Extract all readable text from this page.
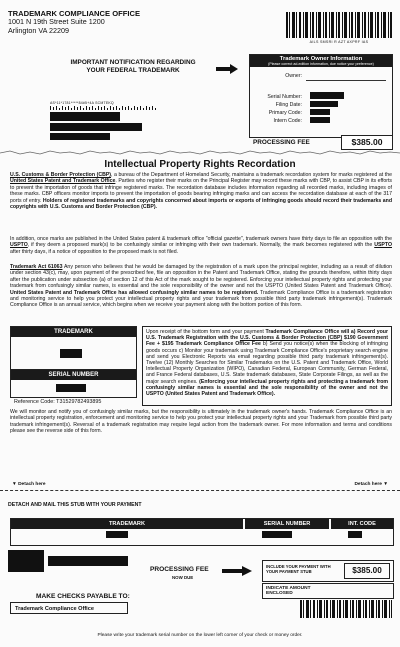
TRADEMARK COMPLIANCE OFFICE
1001 N 19th Street Suite 1200
Arlington VA 22209
AILS SMSRI R AZT AXPRF IAS
IMPORTANT NOTIFICATION REGARDING
YOUR FEDERAL TRADEMARK
Trademark Owner Information
(Please correct ad-edition information, due notice your preference)
Owner:
Serial Number:
Filing Date:
Primary Code:
Intern Code:
AS*11*1781*****84#5+4A SCMTEKQ
PROCESSING FEE	$385.00
Intellectual Property Rights Recordation
U.S. Customs & Border Protection (CBP), a bureau of the Department of Homeland Security, maintains a trademark recordation system for marks registered at the United States Patent and Trademark Office. Parties who register their marks on the Principal Register may record these marks with CBP, to assist CBP in its efforts to prevent the importation of goods that infringe registered marks. The recordation database includes information regarding all recorded marks, including images of these marks. CBP officers monitor imports to prevent the importation of goods bearing infringing marks and can access the recordation database at each of the 317 ports of entry. Holders of registered trademarks and copyrights concerned about imports or exports of infringing goods should record their trademarks and copyrights with U.S. Customs and Border Protection (CBP).
In addition, once marks are published in the United States patent & trademark office "official gazette", trademark owners have thirty days to file an opposition with the USPTO, if they deem a proposed mark(s) to be confusingly similar or infringing with their own trademark. Normally, the mark becomes registered with the USPTO after thirty days, if a notice of opposition to the proposed mark is not filed.
Trademark Act 61063 Any person who believes that he would be damaged by the registration of a mark upon the principal register, including as a result of dilution under section 43(c), may, upon payment of the prescribed fee, file an opposition in the Patent and Trademark Office, stating the grounds therefore, within thirty days after the publication under subsection (a) of section 12 of this Act of the mark sought to be registered. Enforcing your intellectual property rights and protecting your trademark from confusingly similar names, is essential and the sole responsibility of the owner and not the USPTO (United States Patent and Trademark Office). United States Patent and Trademark Office has allowed confusingly similar names to be registered. Trademark Compliance Office is a trademark registration and monitoring service to help you protect your intellectual property rights and your trademark from possible third party trademark infringement(s). Trademark Compliance Office is an annual service, which begins when we receive your payment along with the bottom portion of this form.
TRADEMARK
SERIAL NUMBER
Reference Code: T31529782493895
Upon receipt of the bottom form and your payment Trademark Compliance Office will a) Record your U.S. Trademark Registration with the U.S. Customs & Border Protection (CBP) $190 Government Fee + $195 Trademark Compliance Office Fee b) Send you notice(s) when the blocking of infringing goods occurs c) Monitor your trademark using Trademark Compliance Office's proprietary search engine and send you Electronic Reports via email regarding possible third party trademark infringement(s). Twelve (12) Monthly Searches for Similar Trademarks on the U.S. Patent and Trademark Office, World Intellectual Property Organization (WIPO), Canadian Federal, European Community, German Federal, and France Federal databases, U.S. State trademark databases, State Corporate Filings, as well as the major search engines. (Enforcing your intellectual property rights and protecting a trademark from confusingly similar names is essential and the sole responsibility of the owner and not the USPTO (United States Patent and Trademark Office).
We will monitor and notify you of confusingly similar marks, but the responsibility is ultimately in the trademark owner's hands. Trademark Compliance Office is an intellectual property registration, enforcement and monitoring service to help you protect your intellectual property rights and your Trademark from possible third party trademark infringement(s). Reversal of a trademark registration may require legal action from the trademark owner. For more information and terms and conditions please see the reverse side of this form.
▼ Detach here	Detach here ▼
DETACH AND MAIL THIS STUB WITH YOUR PAYMENT
TRADEMARK	SERIAL NUMBER	INT. CODE
PROCESSING FEE
NOW DUE
INCLUDE YOUR PAYMENT WITH YOUR PAYMENT STUB	$385.00
INDICATE AMOUNT
ENCLOSED
MAKE CHECKS PAYABLE TO:
Trademark Compliance Office
Please write your trademark serial number on the lower left corner of your check or money order.
